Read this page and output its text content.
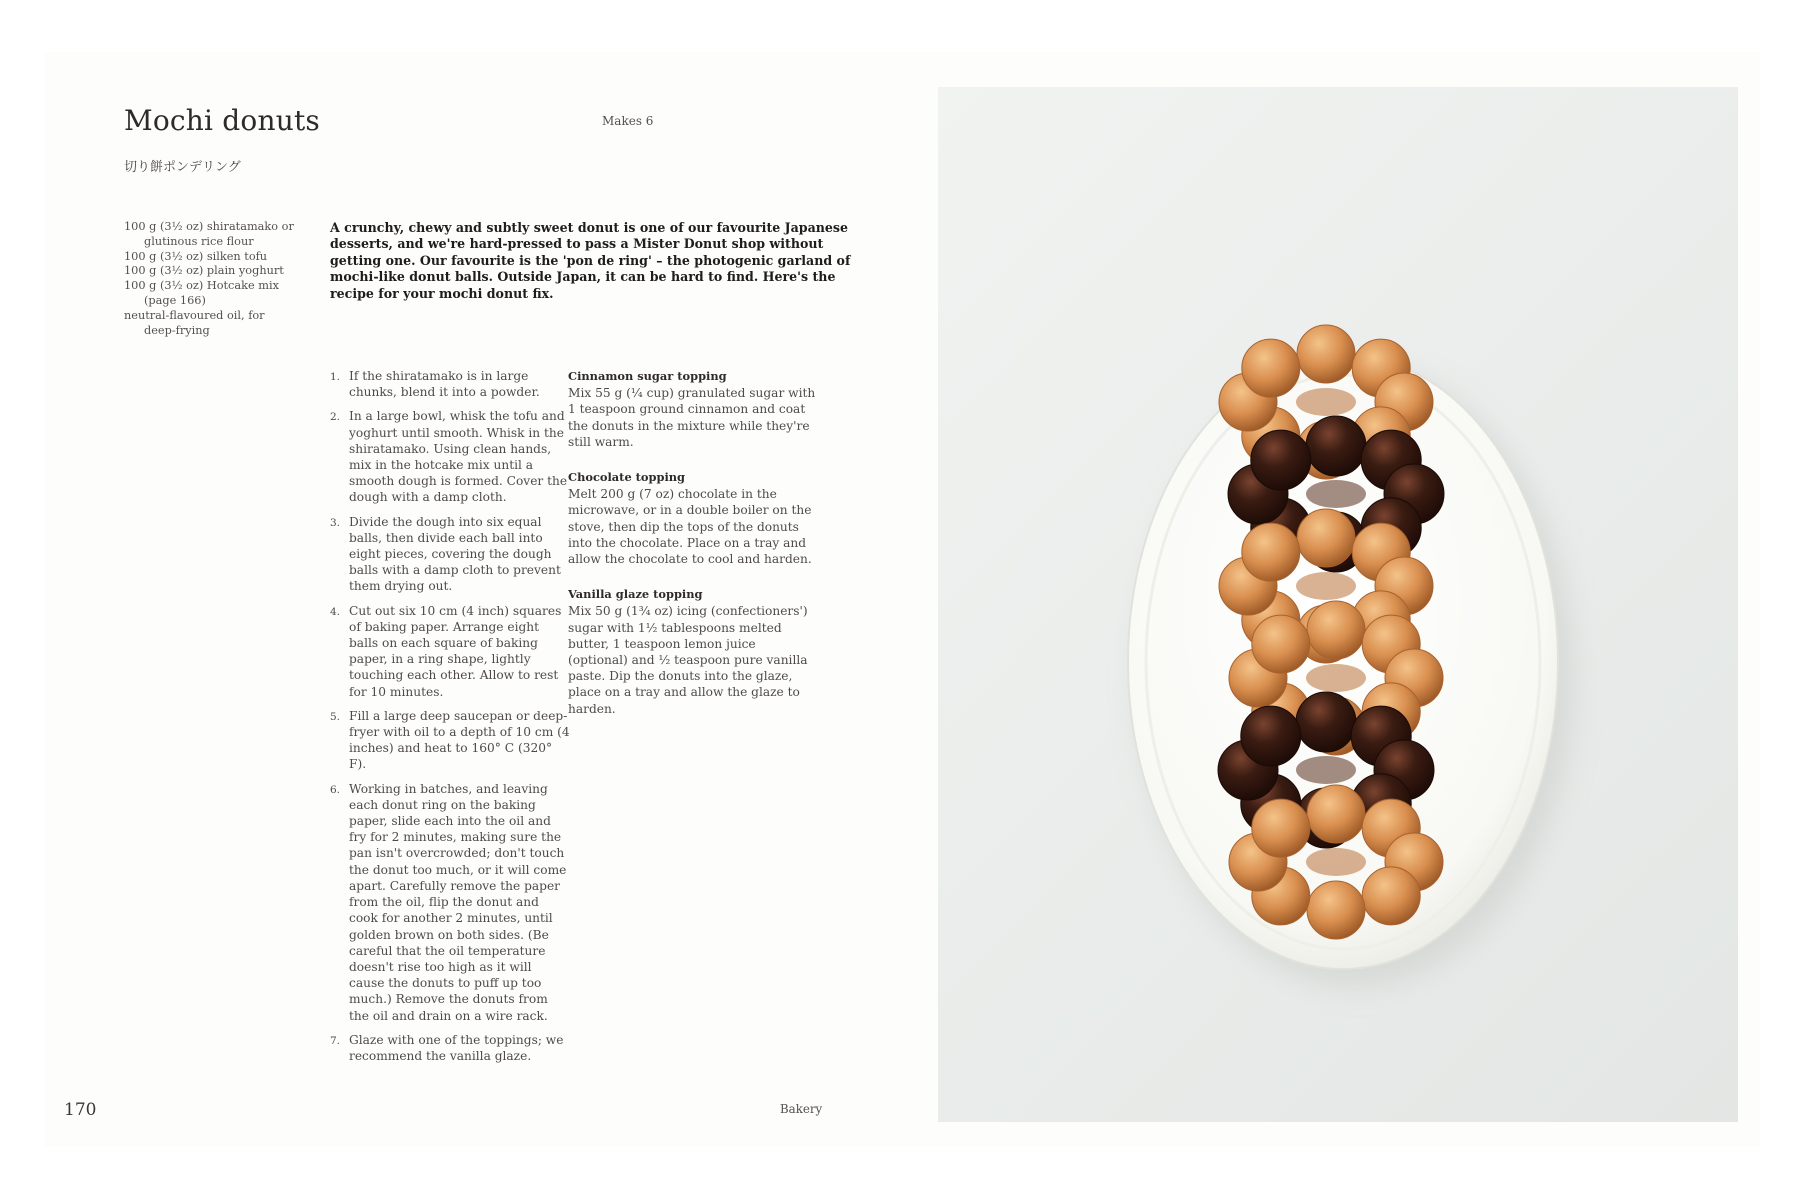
Mochi donuts
切り餅ポンデリング
Makes 6
100 g (3½ oz) shiratamako or glutinous rice flour
100 g (3½ oz) silken tofu
100 g (3½ oz) plain yoghurt
100 g (3½ oz) Hotcake mix (page 166)
neutral-flavoured oil, for deep-frying

A crunchy, chewy and subtly sweet donut is one of our favourite Japanese desserts, and we're hard-pressed to pass a Mister Donut shop without getting one. Our favourite is the 'pon de ring' – the photogenic garland of mochi-like donut balls. Outside Japan, it can be hard to find. Here's the recipe for your mochi donut fix.

1. If the shiratamako is in large chunks, blend it into a powder.
2. In a large bowl, whisk the tofu and yoghurt until smooth. Whisk in the shiratamako. Using clean hands, mix in the hotcake mix until a smooth dough is formed. Cover the dough with a damp cloth.
3. Divide the dough into six equal balls, then divide each ball into eight pieces, covering the dough balls with a damp cloth to prevent them drying out.
4. Cut out six 10 cm (4 inch) squares of baking paper. Arrange eight balls on each square of baking paper, in a ring shape, lightly touching each other. Allow to rest for 10 minutes.
5. Fill a large deep saucepan or deep-fryer with oil to a depth of 10 cm (4 inches) and heat to 160° C (320° F).
6. Working in batches, and leaving each donut ring on the baking paper, slide each into the oil and fry for 2 minutes, making sure the pan isn't overcrowded; don't touch the donut too much, or it will come apart. Carefully remove the paper from the oil, flip the donut and cook for another 2 minutes, until golden brown on both sides. (Be careful that the oil temperature doesn't rise too high as it will cause the donuts to puff up too much.) Remove the donuts from the oil and drain on a wire rack.
7. Glaze with one of the toppings; we recommend the vanilla glaze.
Cinnamon sugar topping

Mix 55 g (¼ cup) granulated sugar with 1 teaspoon ground cinnamon and coat the donuts in the mixture while they're still warm.

Chocolate topping

Melt 200 g (7 oz) chocolate in the microwave, or in a double boiler on the stove, then dip the tops of the donuts into the chocolate. Place on a tray and allow the chocolate to cool and harden.

Vanilla glaze topping

Mix 50 g (1¾ oz) icing (confectioners') sugar with 1½ tablespoons melted butter, 1 teaspoon lemon juice (optional) and ½ teaspoon pure vanilla paste. Dip the donuts into the glaze, place on a tray and allow the glaze to harden.

170	Bakery
